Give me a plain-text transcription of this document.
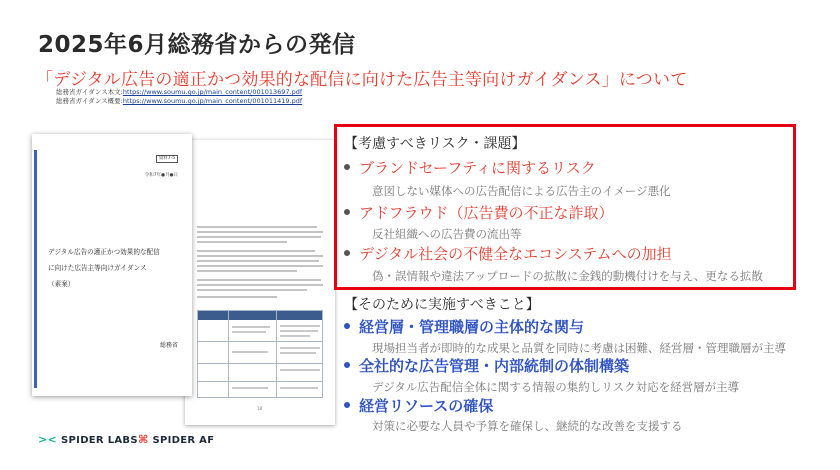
2025年6月総務省からの発信
「デジタル広告の適正かつ効果的な配信に向けた広告主等向けガイダンス」について
総務省ガイダンス本文:https://www.soumu.go.jp/main_content/001013697.pdf
総務省ガイダンス概要:https://www.soumu.go.jp/main_content/001011419.pdf
18
資料7-5
令和7年●月●日
デジタル広告の適正かつ効果的な配信
に向けた広告主等向けガイダンス
（素案）
総務省
【考慮すべきリスク・課題】
ブランドセーフティに関するリスク
意図しない媒体への広告配信による広告主のイメージ悪化
アドフラウド（広告費の不正な詐取）
反社組織への広告費の流出等
デジタル社会の不健全なエコシステムへの加担
偽・誤情報や違法アップロードの拡散に金銭的動機付けを与え、更なる拡散
【そのために実施すべきこと】
経営層・管理職層の主体的な関与
現場担当者が即時的な成果と品質を同時に考慮は困難、経営層・管理職層が主導
全社的な広告管理・内部統制の体制構築
デジタル広告配信全体に関する情報の集約しリスク対応を経営層が主導
経営リソースの確保
対策に必要な人員や予算を確保し、継続的な改善を支援する
>< SPIDER LABS ⌘ SPIDER AF
